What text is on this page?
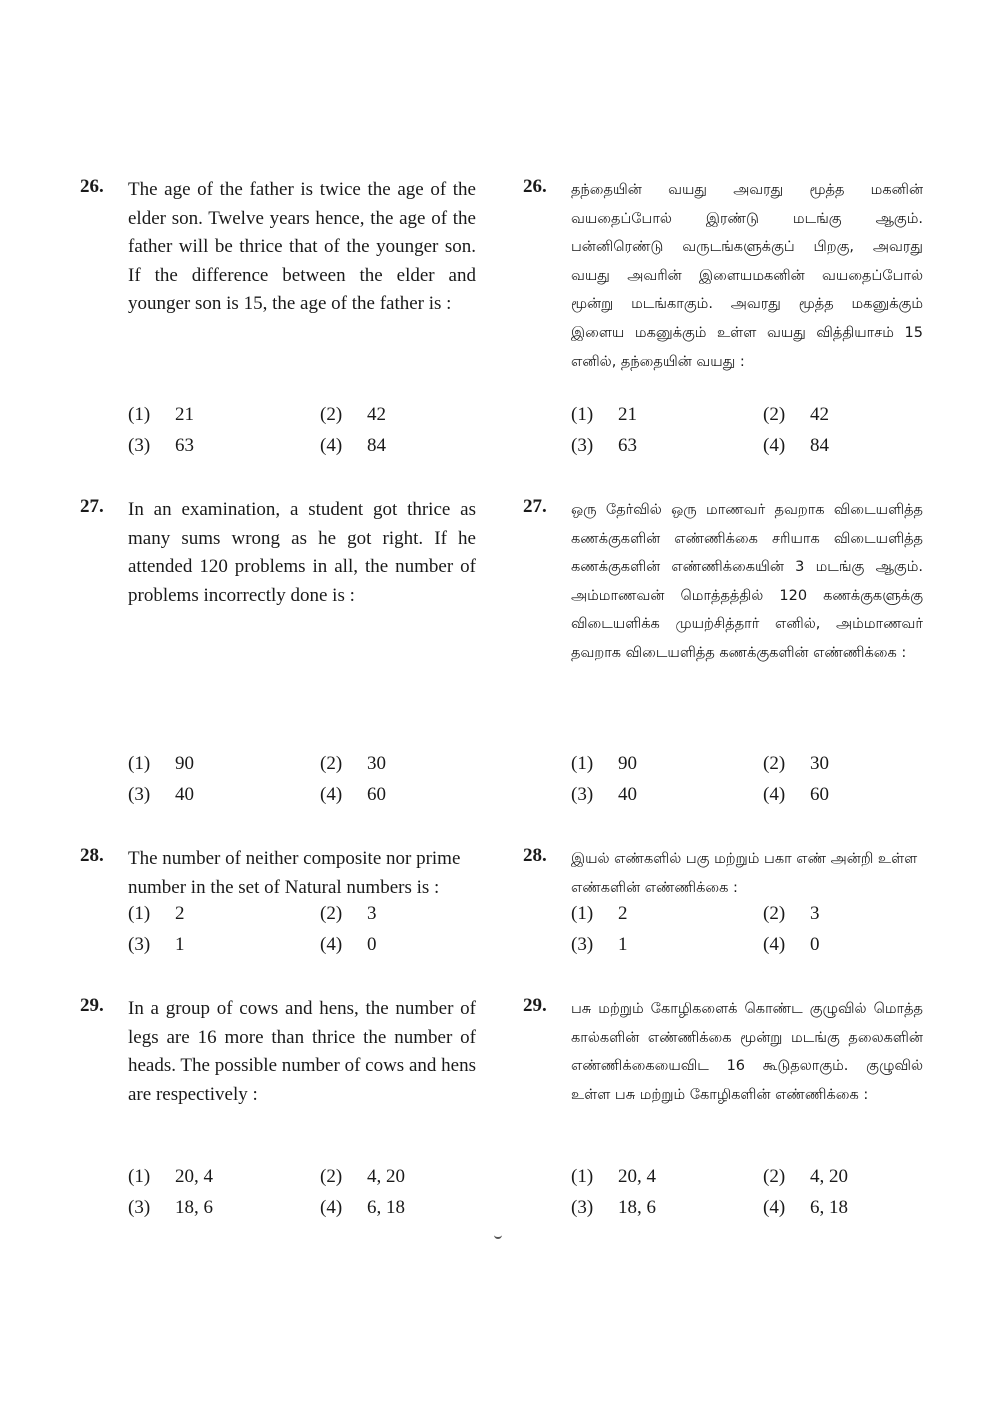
26. The age of the father is twice the age of the elder son. Twelve years hence, the age of the father will be thrice that of the younger son. If the difference between the elder and younger son is 15, the age of the father is :
(1) 21	(2) 42
(3) 63	(4) 84
26. தந்தையின் வயது அவரது மூத்த மகனின் வயதைப்போல் இரண்டு மடங்கு ஆகும். பன்னிரெண்டு வருடங்களுக்குப் பிறகு, அவரது வயது அவரின் இளையமகனின் வயதைப்போல் மூன்று மடங்காகும். அவரது மூத்த மகனுக்கும் இளைய மகனுக்கும் உள்ள வயது வித்தியாசம் 15 எனில், தந்தையின் வயது :
(1) 21	(2) 42
(3) 63	(4) 84
27. In an examination, a student got thrice as many sums wrong as he got right. If he attended 120 problems in all, the number of problems incorrectly done is :
(1) 90	(2) 30
(3) 40	(4) 60
27. ஒரு தேர்வில் ஒரு மாணவர் தவறாக விடையளித்த கணக்குகளின் எண்ணிக்கை சரியாக விடையளித்த கணக்குகளின் எண்ணிக்கையின் 3 மடங்கு ஆகும். அம்மாணவன் மொத்தத்தில் 120 கணக்குகளுக்கு விடையளிக்க முயற்சித்தார் எனில், அம்மாணவர் தவறாக விடையளித்த கணக்குகளின் எண்ணிக்கை :
(1) 90	(2) 30
(3) 40	(4) 60
28. The number of neither composite nor prime number in the set of Natural numbers is :
(1) 2	(2) 3
(3) 1	(4) 0
28. இயல் எண்களில் பகு மற்றும் பகா எண் அன்றி உள்ள எண்களின் எண்ணிக்கை :
(1) 2	(2) 3
(3) 1	(4) 0
29. In a group of cows and hens, the number of legs are 16 more than thrice the number of heads. The possible number of cows and hens are respectively :
(1) 20, 4	(2) 4, 20
(3) 18, 6	(4) 6, 18
29. பசு மற்றும் கோழிகளைக் கொண்ட குழுவில் மொத்த கால்களின் எண்ணிக்கை மூன்று மடங்கு தலைகளின் எண்ணிக்கையைவிட 16 கூடுதலாகும். குழுவில் உள்ள பசு மற்றும் கோழிகளின் எண்ணிக்கை :
(1) 20, 4	(2) 4, 20
(3) 18, 6	(4) 6, 18
